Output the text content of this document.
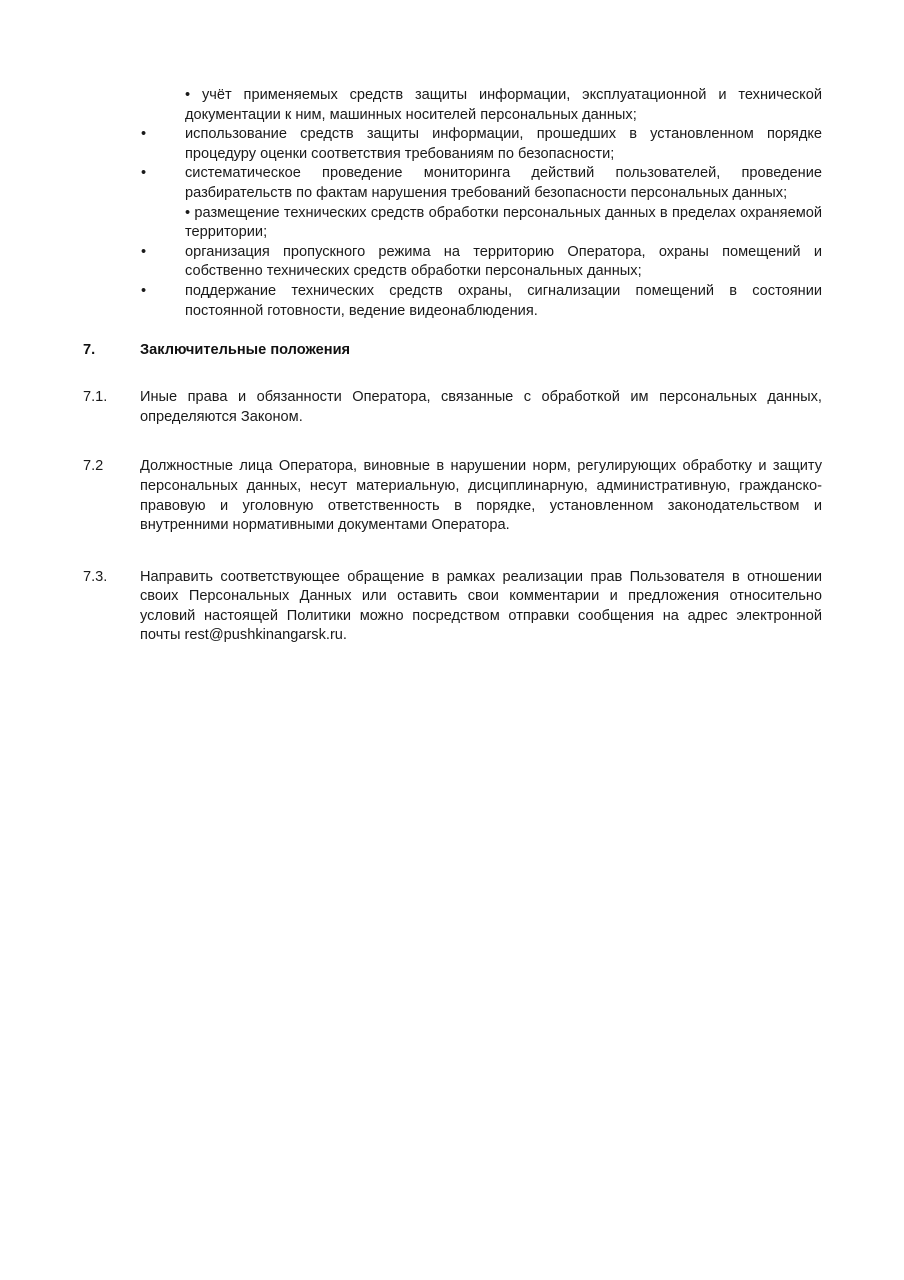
• учёт применяемых средств защиты информации, эксплуатационной и технической документации к ним, машинных носителей персональных данных;
•	использование средств защиты информации, прошедших в установленном порядке процедуру оценки соответствия требованиям по безопасности;
•	систематическое проведение мониторинга действий пользователей, проведение разбирательств по фактам нарушения требований безопасности персональных данных;
• размещение технических средств обработки персональных данных в пределах охраняемой территории;
•	организация пропускного режима на территорию Оператора, охраны помещений и собственно технических средств обработки персональных данных;
•	поддержание технических средств охраны, сигнализации помещений в состоянии постоянной готовности, ведение видеонаблюдения.
7.	Заключительные положения
7.1. Иные права и обязанности Оператора, связанные с обработкой им персональных данных, определяются Законом.
7.2	Должностные лица Оператора, виновные в нарушении норм, регулирующих обработку и защиту персональных данных, несут материальную, дисциплинарную, административную, гражданско-правовую и уголовную ответственность в порядке, установленном законодательством и внутренними нормативными документами Оператора.
7.3. Направить соответствующее обращение в рамках реализации прав Пользователя в отношении своих Персональных Данных или оставить свои комментарии и предложения относительно условий настоящей Политики можно посредством отправки сообщения на адрес электронной почты rest@pushkinangarsk.ru.
